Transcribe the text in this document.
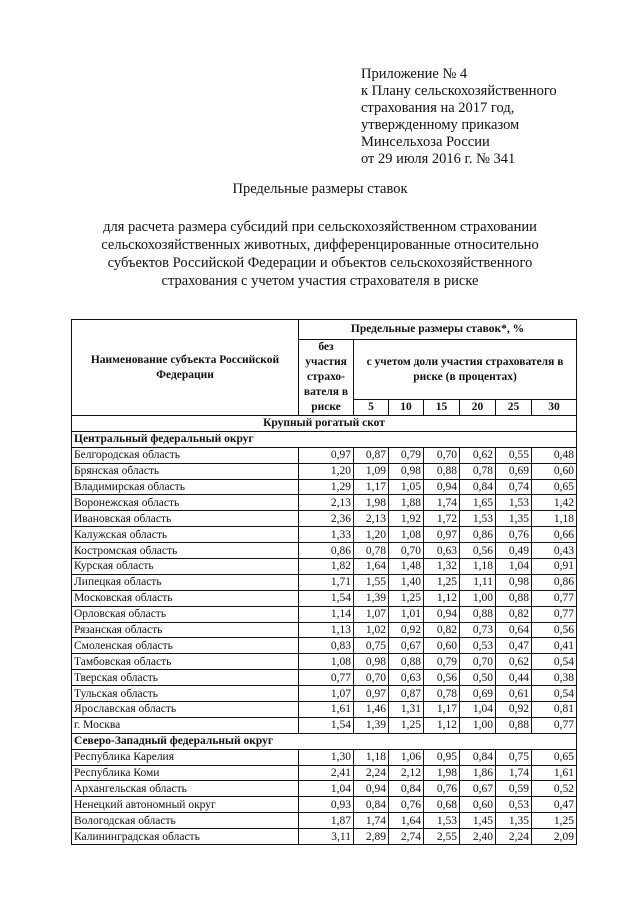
Приложение № 4
к Плану сельскохозяйственного
страхования на 2017 год,
утвержденному приказом
Минсельхоза России
от 29 июля 2016 г. № 341
Предельные размеры ставок
для расчета размера субсидий при сельскохозяйственном страховании
сельскохозяйственных животных, дифференцированные относительно
субъектов Российской Федерации и объектов сельскохозяйственного
страхования с учетом участия страхователя в риске
Наименование субъекта Российской Федерации	Предельные размеры ставок*, %						
	без участия страхо-вателя в риске	с учетом доли участия страхователя в риске (в процентах)					
		5	10	15	20	25	30
Крупный рогатый скот							
Центральный федеральный округ							
Белгородская область	0,97	0,87	0,79	0,70	0,62	0,55	0,48
Брянская область	1,20	1,09	0,98	0,88	0,78	0,69	0,60
Владимирская область	1,29	1,17	1,05	0,94	0,84	0,74	0,65
Воронежская область	2,13	1,98	1,88	1,74	1,65	1,53	1,42
Ивановская область	2,36	2,13	1,92	1,72	1,53	1,35	1,18
Калужская область	1,33	1,20	1,08	0,97	0,86	0,76	0,66
Костромская область	0,86	0,78	0,70	0,63	0,56	0,49	0,43
Курская область	1,82	1,64	1,48	1,32	1,18	1,04	0,91
Липецкая область	1,71	1,55	1,40	1,25	1,11	0,98	0,86
Московская область	1,54	1,39	1,25	1,12	1,00	0,88	0,77
Орловская область	1,14	1,07	1,01	0,94	0,88	0,82	0,77
Рязанская область	1,13	1,02	0,92	0,82	0,73	0,64	0,56
Смоленская область	0,83	0,75	0,67	0,60	0,53	0,47	0,41
Тамбовская область	1,08	0,98	0,88	0,79	0,70	0,62	0,54
Тверская область	0,77	0,70	0,63	0,56	0,50	0,44	0,38
Тульская область	1,07	0,97	0,87	0,78	0,69	0,61	0,54
Ярославская область	1,61	1,46	1,31	1,17	1,04	0,92	0,81
г. Москва	1,54	1,39	1,25	1,12	1,00	0,88	0,77
Северо-Западный федеральный округ							
Республика Карелия	1,30	1,18	1,06	0,95	0,84	0,75	0,65
Республика Коми	2,41	2,24	2,12	1,98	1,86	1,74	1,61
Архангельская область	1,04	0,94	0,84	0,76	0,67	0,59	0,52
Ненецкий автономный округ	0,93	0,84	0,76	0,68	0,60	0,53	0,47
Вологодская область	1,87	1,74	1,64	1,53	1,45	1,35	1,25
Калининградская область	3,11	2,89	2,74	2,55	2,40	2,24	2,09
